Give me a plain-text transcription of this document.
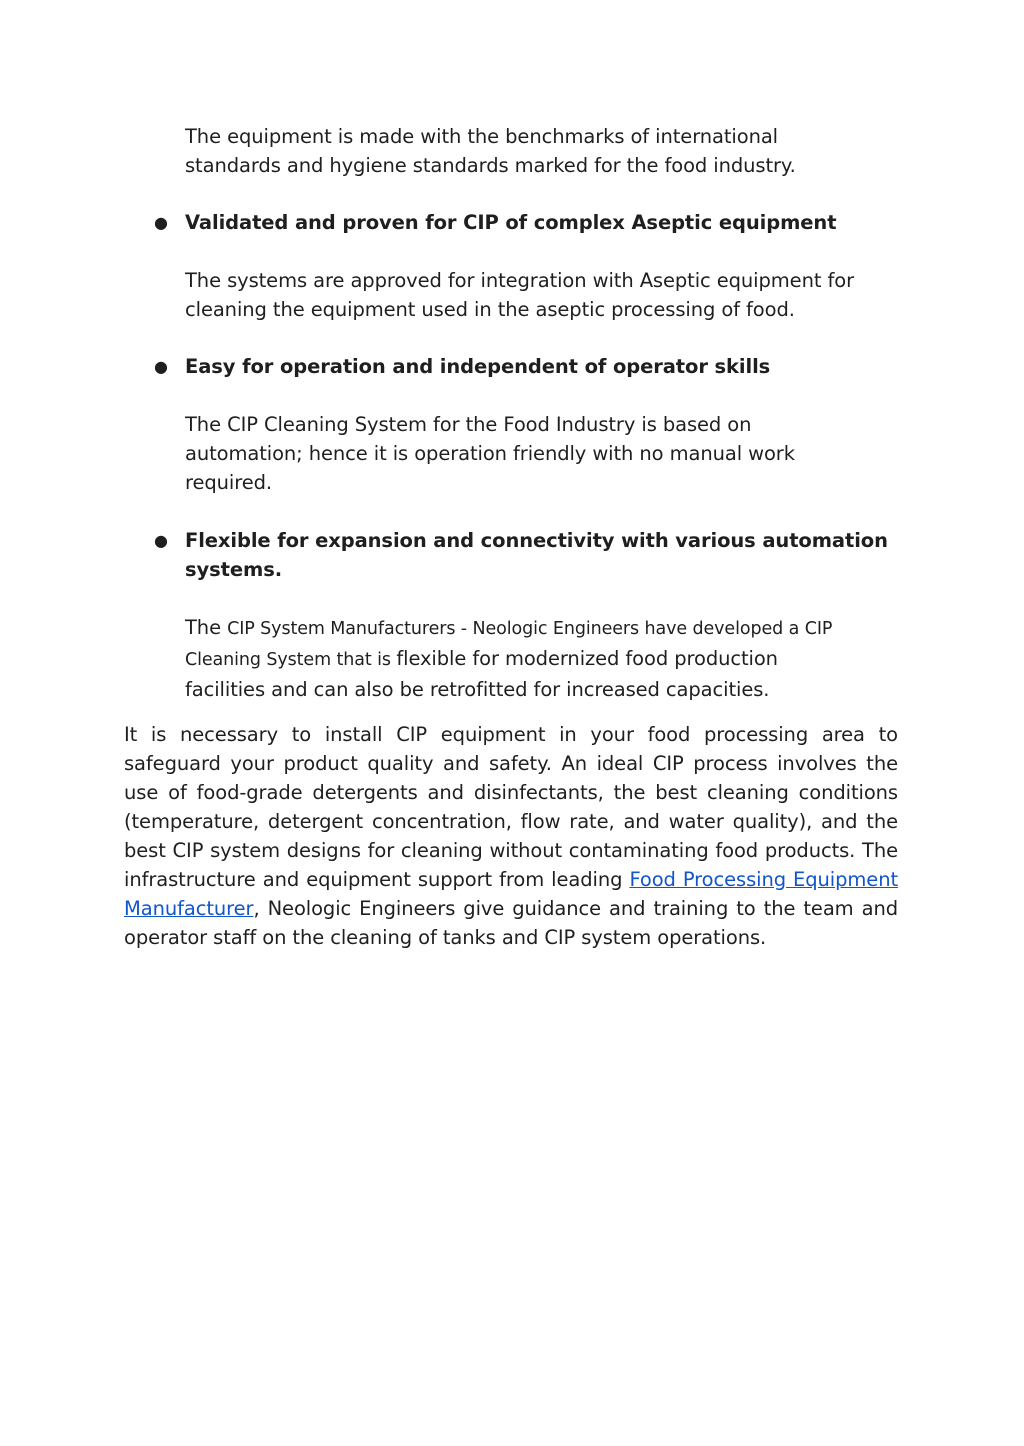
The equipment is made with the benchmarks of international

standards and hygiene standards marked for the food industry.

● Validated and proven for CIP of complex Aseptic equipment

The systems are approved for integration with Aseptic equipment for

cleaning the equipment used in the aseptic processing of food.

● Easy for operation and independent of operator skills

The CIP Cleaning System for the Food Industry is based on

automation; hence it is operation friendly with no manual work

required.

● Flexible for expansion and connectivity with various automation
systems.

The CIP System Manufacturers - Neologic Engineers have developed a CIP

Cleaning System that is flexible for modernized food production

facilities and can also be retrofitted for increased capacities.

It is necessary to install CIP equipment in your food processing area to safeguard your product quality and safety. An ideal CIP process involves the use of food-grade detergents and disinfectants, the best cleaning conditions (temperature, detergent concentration, flow rate, and water quality), and the best CIP system designs for cleaning without contaminating food products. The infrastructure and equipment support from leading Food Processing Equipment Manufacturer, Neologic Engineers give guidance and training to the team and operator staff on the cleaning of tanks and CIP system operations.
